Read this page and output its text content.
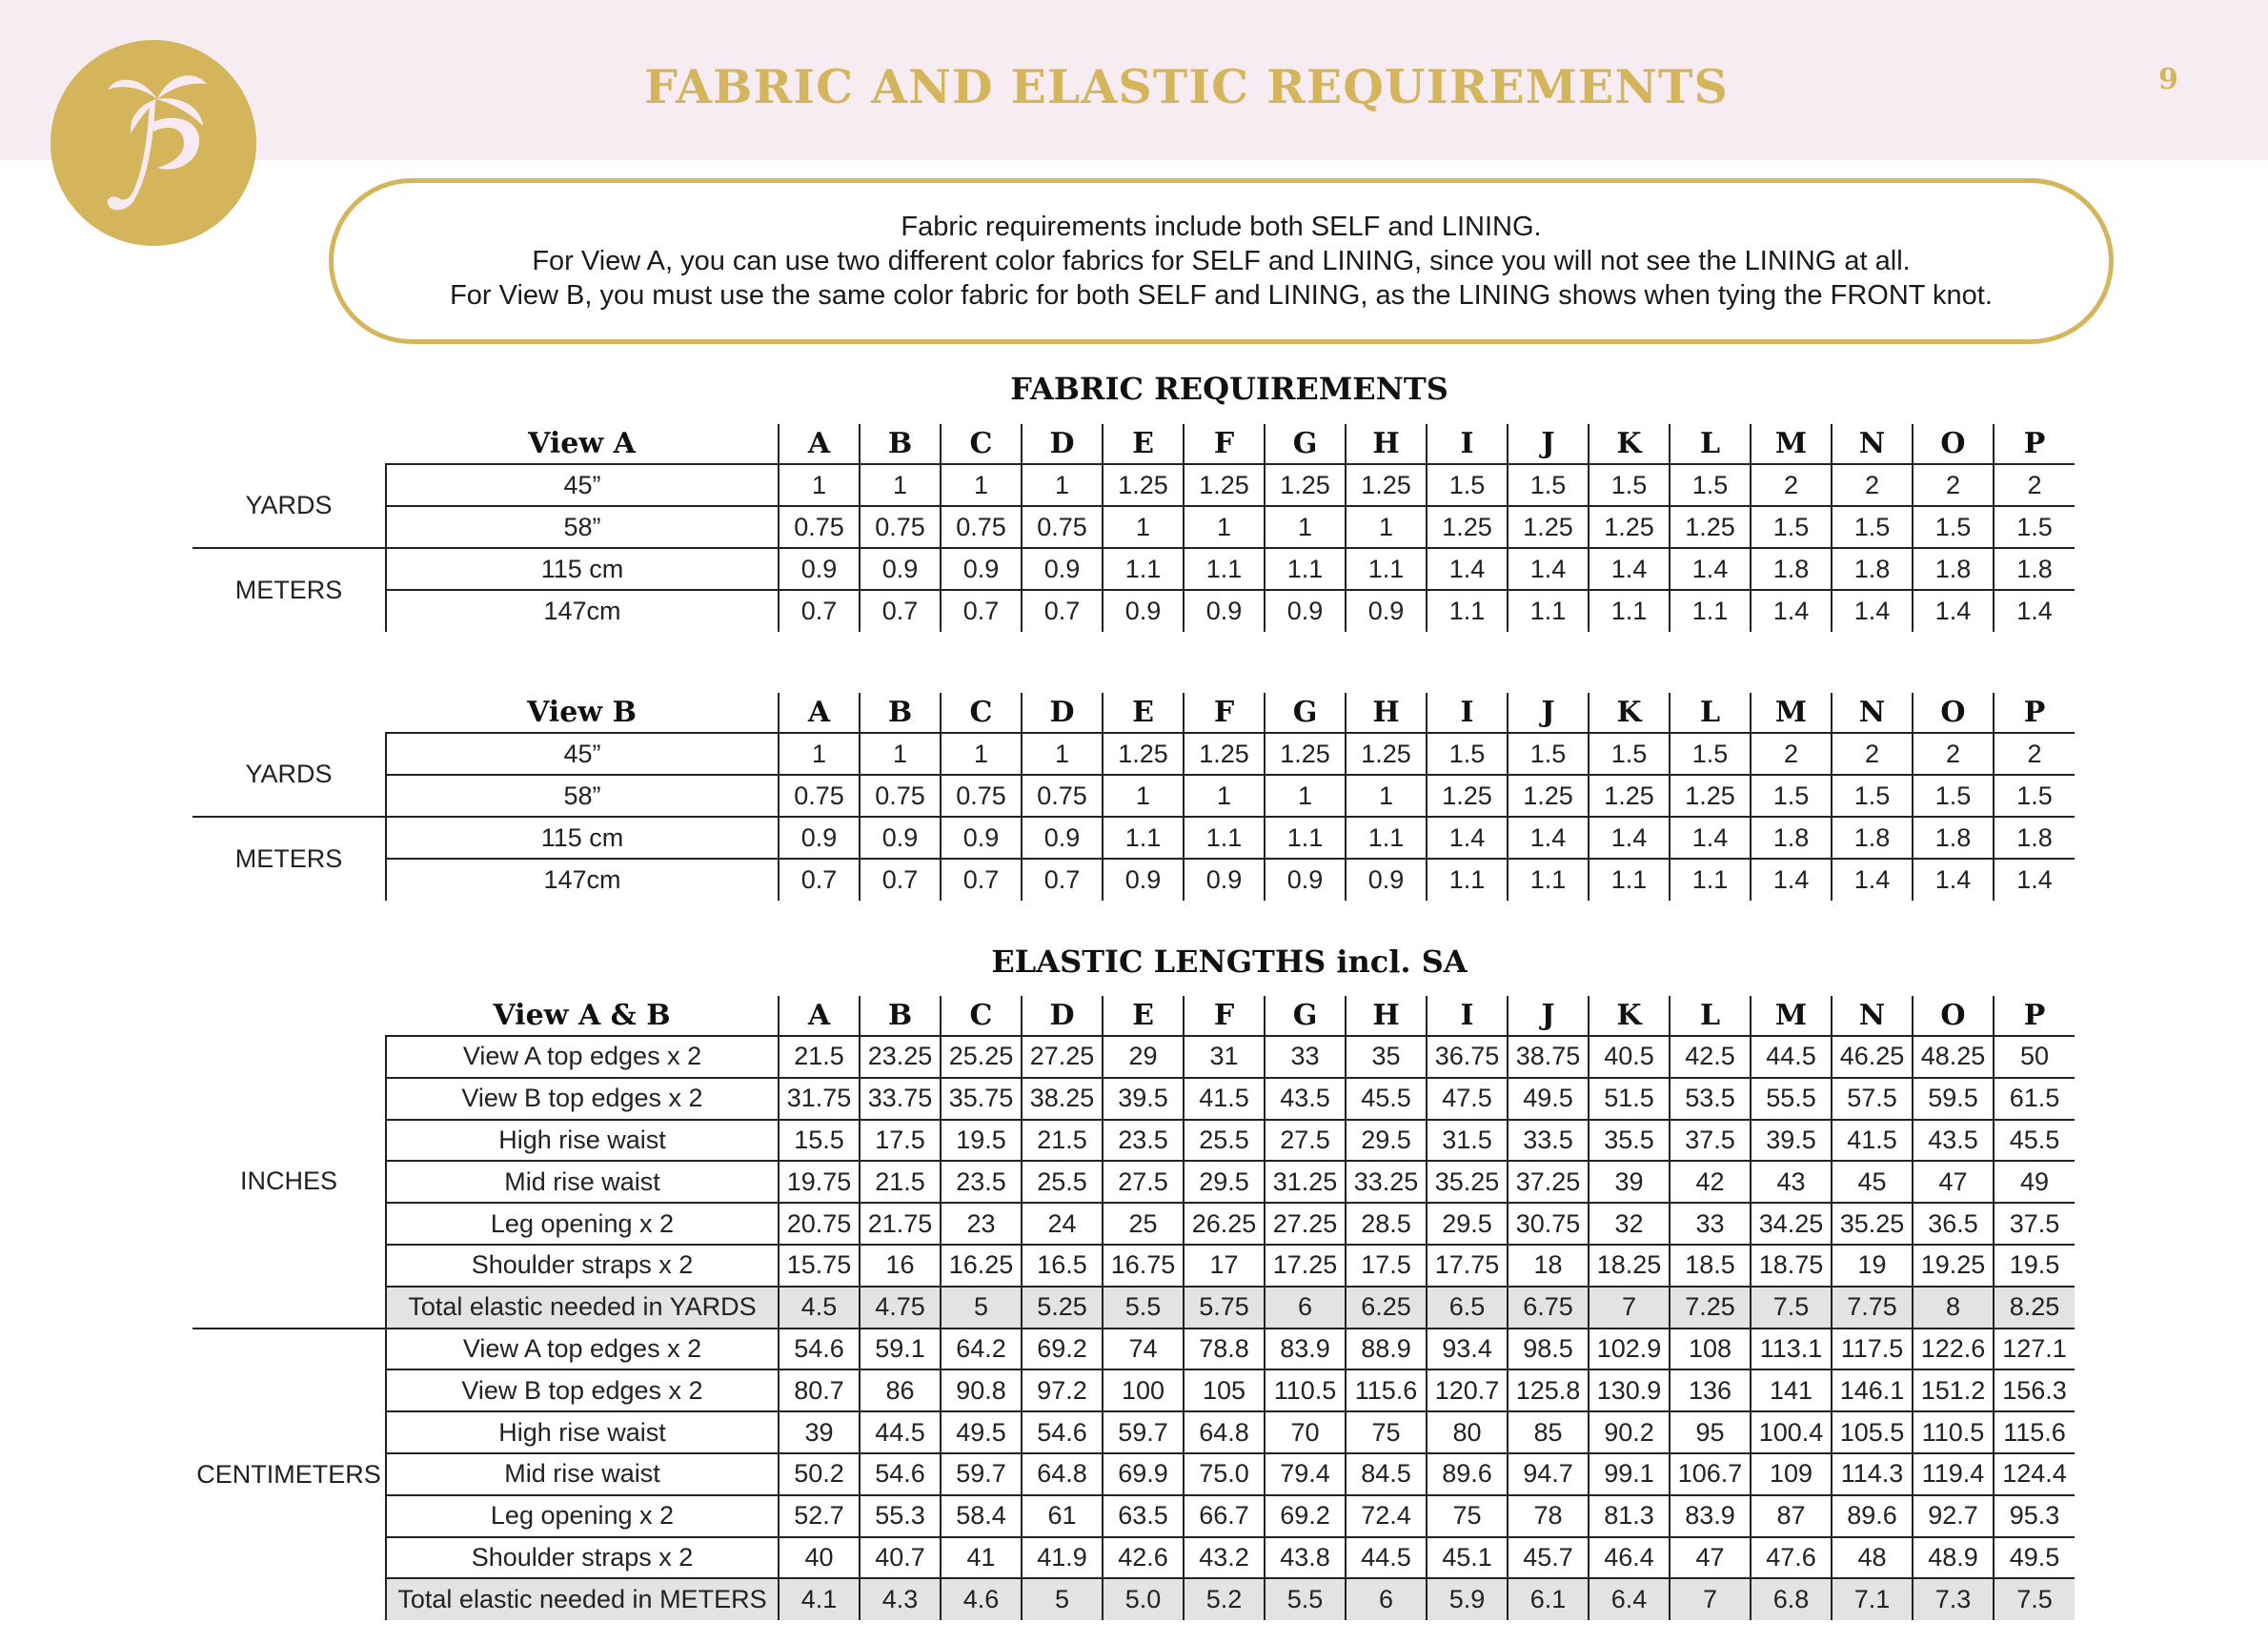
FABRIC AND ELASTIC REQUIREMENTS	9
Fabric requirements include both SELF and LINING.
For View A, you can use two different color fabrics for SELF and LINING, since you will not see the LINING at all.
For View B, you must use the same color fabric for both SELF and LINING, as the LINING shows when tying the FRONT knot.
FABRIC REQUIREMENTS
	View A	A	B	C	D	E	F	G	H	I	J	K	L	M	N	O	P
YARDS	45”	1	1	1	1	1.25	1.25	1.25	1.25	1.5	1.5	1.5	1.5	2	2	2	2
	58”	0.75	0.75	0.75	0.75	1	1	1	1	1.25	1.25	1.25	1.25	1.5	1.5	1.5	1.5
METERS	115 cm	0.9	0.9	0.9	0.9	1.1	1.1	1.1	1.1	1.4	1.4	1.4	1.4	1.8	1.8	1.8	1.8
	147cm	0.7	0.7	0.7	0.7	0.9	0.9	0.9	0.9	1.1	1.1	1.1	1.1	1.4	1.4	1.4	1.4
	View B	A	B	C	D	E	F	G	H	I	J	K	L	M	N	O	P
YARDS	45”	1	1	1	1	1.25	1.25	1.25	1.25	1.5	1.5	1.5	1.5	2	2	2	2
	58”	0.75	0.75	0.75	0.75	1	1	1	1	1.25	1.25	1.25	1.25	1.5	1.5	1.5	1.5
METERS	115 cm	0.9	0.9	0.9	0.9	1.1	1.1	1.1	1.1	1.4	1.4	1.4	1.4	1.8	1.8	1.8	1.8
	147cm	0.7	0.7	0.7	0.7	0.9	0.9	0.9	0.9	1.1	1.1	1.1	1.1	1.4	1.4	1.4	1.4
ELASTIC LENGTHS incl. SA
	View A & B	A	B	C	D	E	F	G	H	I	J	K	L	M	N	O	P
INCHES	View A top edges x 2	21.5	23.25	25.25	27.25	29	31	33	35	36.75	38.75	40.5	42.5	44.5	46.25	48.25	50
	View B top edges x 2	31.75	33.75	35.75	38.25	39.5	41.5	43.5	45.5	47.5	49.5	51.5	53.5	55.5	57.5	59.5	61.5
	High rise waist	15.5	17.5	19.5	21.5	23.5	25.5	27.5	29.5	31.5	33.5	35.5	37.5	39.5	41.5	43.5	45.5
	Mid rise waist	19.75	21.5	23.5	25.5	27.5	29.5	31.25	33.25	35.25	37.25	39	42	43	45	47	49
	Leg opening x 2	20.75	21.75	23	24	25	26.25	27.25	28.5	29.5	30.75	32	33	34.25	35.25	36.5	37.5
	Shoulder straps x 2	15.75	16	16.25	16.5	16.75	17	17.25	17.5	17.75	18	18.25	18.5	18.75	19	19.25	19.5
	Total elastic needed in YARDS	4.5	4.75	5	5.25	5.5	5.75	6	6.25	6.5	6.75	7	7.25	7.5	7.75	8	8.25
CENTIMETERS	View A top edges x 2	54.6	59.1	64.2	69.2	74	78.8	83.9	88.9	93.4	98.5	102.9	108	113.1	117.5	122.6	127.1
	View B top edges x 2	80.7	86	90.8	97.2	100	105	110.5	115.6	120.7	125.8	130.9	136	141	146.1	151.2	156.3
	High rise waist	39	44.5	49.5	54.6	59.7	64.8	70	75	80	85	90.2	95	100.4	105.5	110.5	115.6
	Mid rise waist	50.2	54.6	59.7	64.8	69.9	75.0	79.4	84.5	89.6	94.7	99.1	106.7	109	114.3	119.4	124.4
	Leg opening x 2	52.7	55.3	58.4	61	63.5	66.7	69.2	72.4	75	78	81.3	83.9	87	89.6	92.7	95.3
	Shoulder straps x 2	40	40.7	41	41.9	42.6	43.2	43.8	44.5	45.1	45.7	46.4	47	47.6	48	48.9	49.5
	Total elastic needed in METERS	4.1	4.3	4.6	5	5.0	5.2	5.5	6	5.9	6.1	6.4	7	6.8	7.1	7.3	7.5
